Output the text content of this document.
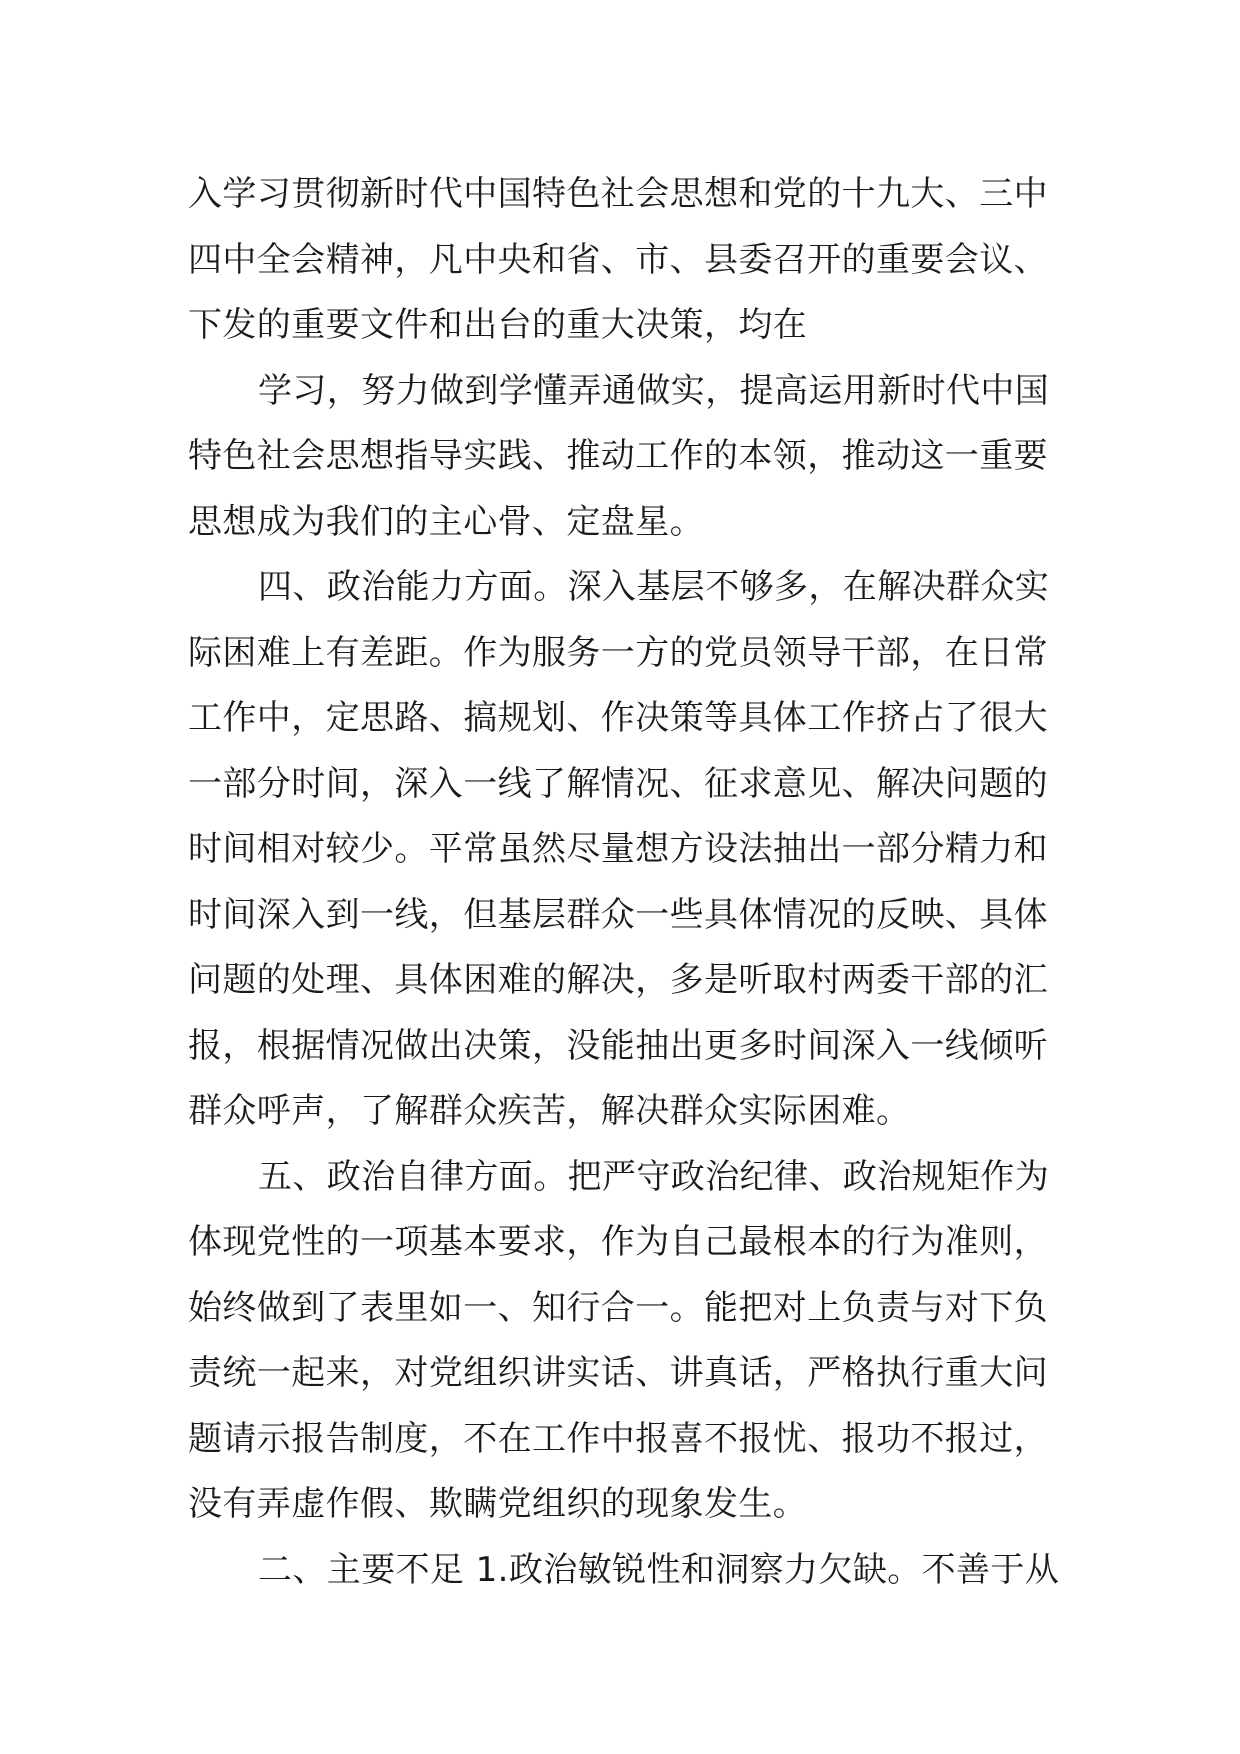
入学习贯彻新时代中国特色社会思想和党的十九大、三中
四中全会精神，凡中央和省、市、县委召开的重要会议、
下发的重要文件和出台的重大决策，均在
学习，努力做到学懂弄通做实，提高运用新时代中国
特色社会思想指导实践、推动工作的本领，推动这一重要
思想成为我们的主心骨、定盘星。
四、政治能力方面。深入基层不够多，在解决群众实
际困难上有差距。作为服务一方的党员领导干部，在日常
工作中，定思路、搞规划、作决策等具体工作挤占了很大
一部分时间，深入一线了解情况、征求意见、解决问题的
时间相对较少。平常虽然尽量想方设法抽出一部分精力和
时间深入到一线，但基层群众一些具体情况的反映、具体
问题的处理、具体困难的解决，多是听取村两委干部的汇
报，根据情况做出决策，没能抽出更多时间深入一线倾听
群众呼声，了解群众疾苦，解决群众实际困难。
五、政治自律方面。把严守政治纪律、政治规矩作为
体现党性的一项基本要求，作为自己最根本的行为准则，
始终做到了表里如一、知行合一。能把对上负责与对下负
责统一起来，对党组织讲实话、讲真话，严格执行重大问
题请示报告制度，不在工作中报喜不报忧、报功不报过，
没有弄虚作假、欺瞒党组织的现象发生。
二、主要不足 1.政治敏锐性和洞察力欠缺。不善于从
